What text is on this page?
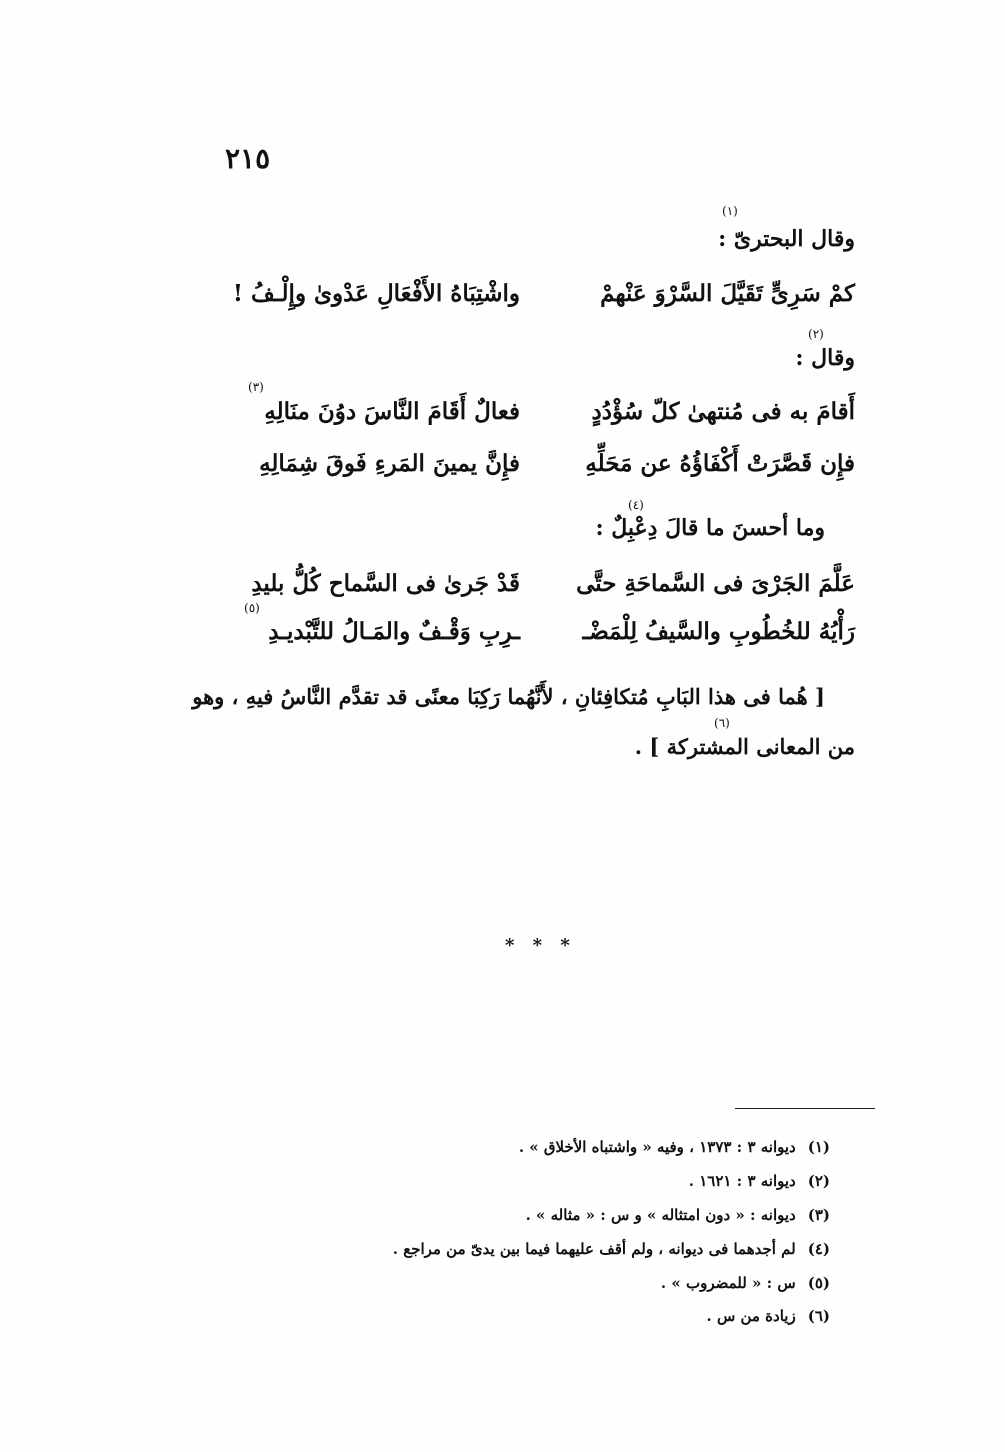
٢١٥
(١)
وقال البحترىّ :
كمْ سَرِىٍّ تَقَيَّلَ السَّرْوَ عَنْهمْ
واشْتِبَاهُ الأَفْعَالِ عَدْوىٰ وإِلْـفُ !
(٢)
وقال :
(٣)
أَقامَ به فى مُنتهىٰ كلّ سُؤْدُدٍ
فعالٌ أَقَامَ النَّاسَ دوُنَ منَالِهِ
فإِن قَصَّرَتْ أَكْفَاؤُهُ عن مَحَلِّهِ
فإِنَّ يمينَ المَرءِ فَوقَ شِمَالِهِ
(٤)
وما أحسنَ ما قالَ دِعْبِلٌ :
عَلَّمَ الجَرْىَ فى السَّماحَةِ حتَّى
قَدْ جَرىٰ فى السَّماح كُلُّ بليدِ
(٥)
رَأْيُهُ للخُطُوبِ والسَّيفُ لِلْمَضْـ
ـرِبِ وَقْـفٌ والمَـالُ للتَّبْديـدِ
[ هُما فى هذا البَابِ مُتكافِئانِ ، لأَنَّهُما رَكِبَا معنًى قد تقدَّم النَّاسُ فيهِ ، وهو
(٦)
من المعانى المشتركة ] .
* * *
(١)ديوانه ٣ : ١٣٧٣ ، وفيه « واشتباه الأخلاق » .
(٢)ديوانه ٣ : ١٦٢١ .
(٣)ديوانه : « دون امتثاله » و س : « مثاله » .
(٤)لم أجدهما فى ديوانه ، ولم أقف عليهما فيما بين يدىّ من مراجع .
(٥)س : « للمضروب » .
(٦)زيادة من س .
